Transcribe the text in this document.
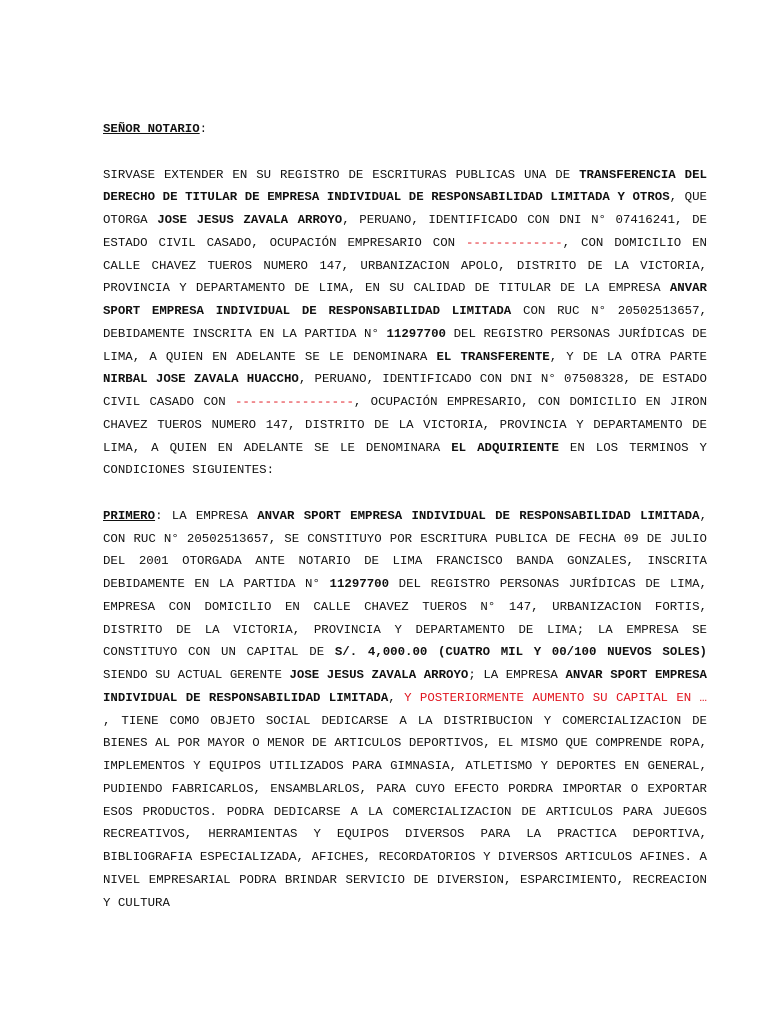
SEÑOR NOTARIO:

SIRVASE EXTENDER EN SU REGISTRO DE ESCRITURAS PUBLICAS UNA DE TRANSFERENCIA DEL DERECHO DE TITULAR DE EMPRESA INDIVIDUAL DE RESPONSABILIDAD LIMITADA Y OTROS, QUE OTORGA JOSE JESUS ZAVALA ARROYO, PERUANO, IDENTIFICADO CON DNI N° 07416241, DE ESTADO CIVIL CASADO, OCUPACIÓN EMPRESARIO CON -------------, CON DOMICILIO EN CALLE CHAVEZ TUEROS NUMERO 147, URBANIZACION APOLO, DISTRITO DE LA VICTORIA, PROVINCIA Y DEPARTAMENTO DE LIMA, EN SU CALIDAD DE TITULAR DE LA EMPRESA ANVAR SPORT EMPRESA INDIVIDUAL DE RESPONSABILIDAD LIMITADA CON RUC N° 20502513657, DEBIDAMENTE INSCRITA EN LA PARTIDA N° 11297700 DEL REGISTRO PERSONAS JURÍDICAS DE LIMA, A QUIEN EN ADELANTE SE LE DENOMINARA EL TRANSFERENTE, Y DE LA OTRA PARTE NIRBAL JOSE ZAVALA HUACCHO, PERUANO, IDENTIFICADO CON DNI N° 07508328, DE ESTADO CIVIL CASADO CON ----------------, OCUPACIÓN EMPRESARIO, CON DOMICILIO EN JIRON CHAVEZ TUEROS NUMERO 147, DISTRITO DE LA VICTORIA, PROVINCIA Y DEPARTAMENTO DE LIMA, A QUIEN EN ADELANTE SE LE DENOMINARA EL ADQUIRIENTE EN LOS TERMINOS Y CONDICIONES SIGUIENTES:

PRIMERO: LA EMPRESA ANVAR SPORT EMPRESA INDIVIDUAL DE RESPONSABILIDAD LIMITADA, CON RUC N° 20502513657, SE CONSTITUYO POR ESCRITURA PUBLICA DE FECHA 09 DE JULIO DEL 2001 OTORGADA ANTE NOTARIO DE LIMA FRANCISCO BANDA GONZALES, INSCRITA DEBIDAMENTE EN LA PARTIDA N° 11297700 DEL REGISTRO PERSONAS JURÍDICAS DE LIMA, EMPRESA CON DOMICILIO EN CALLE CHAVEZ TUEROS N° 147, URBANIZACION FORTIS, DISTRITO DE LA VICTORIA, PROVINCIA Y DEPARTAMENTO DE LIMA; LA EMPRESA SE CONSTITUYO CON UN CAPITAL DE S/. 4,000.00 (CUATRO MIL Y 00/100 NUEVOS SOLES) SIENDO SU ACTUAL GERENTE JOSE JESUS ZAVALA ARROYO; LA EMPRESA ANVAR SPORT EMPRESA INDIVIDUAL DE RESPONSABILIDAD LIMITADA, Y POSTERIORMENTE AUMENTO SU CAPITAL EN … , TIENE COMO OBJETO SOCIAL DEDICARSE A LA DISTRIBUCION Y COMERCIALIZACION DE BIENES AL POR MAYOR O MENOR DE ARTICULOS DEPORTIVOS, EL MISMO QUE COMPRENDE ROPA, IMPLEMENTOS Y EQUIPOS UTILIZADOS PARA GIMNASIA, ATLETISMO Y DEPORTES EN GENERAL, PUDIENDO FABRICARLOS, ENSAMBLARLOS, PARA CUYO EFECTO PORDRA IMPORTAR O EXPORTAR ESOS PRODUCTOS. PODRA DEDICARSE A LA COMERCIALIZACION DE ARTICULOS PARA JUEGOS RECREATIVOS, HERRAMIENTAS Y EQUIPOS DIVERSOS PARA LA PRACTICA DEPORTIVA, BIBLIOGRAFIA ESPECIALIZADA, AFICHES, RECORDATORIOS Y DIVERSOS ARTICULOS AFINES. A NIVEL EMPRESARIAL PODRA BRINDAR SERVICIO DE DIVERSION, ESPARCIMIENTO, RECREACION Y CULTURA
